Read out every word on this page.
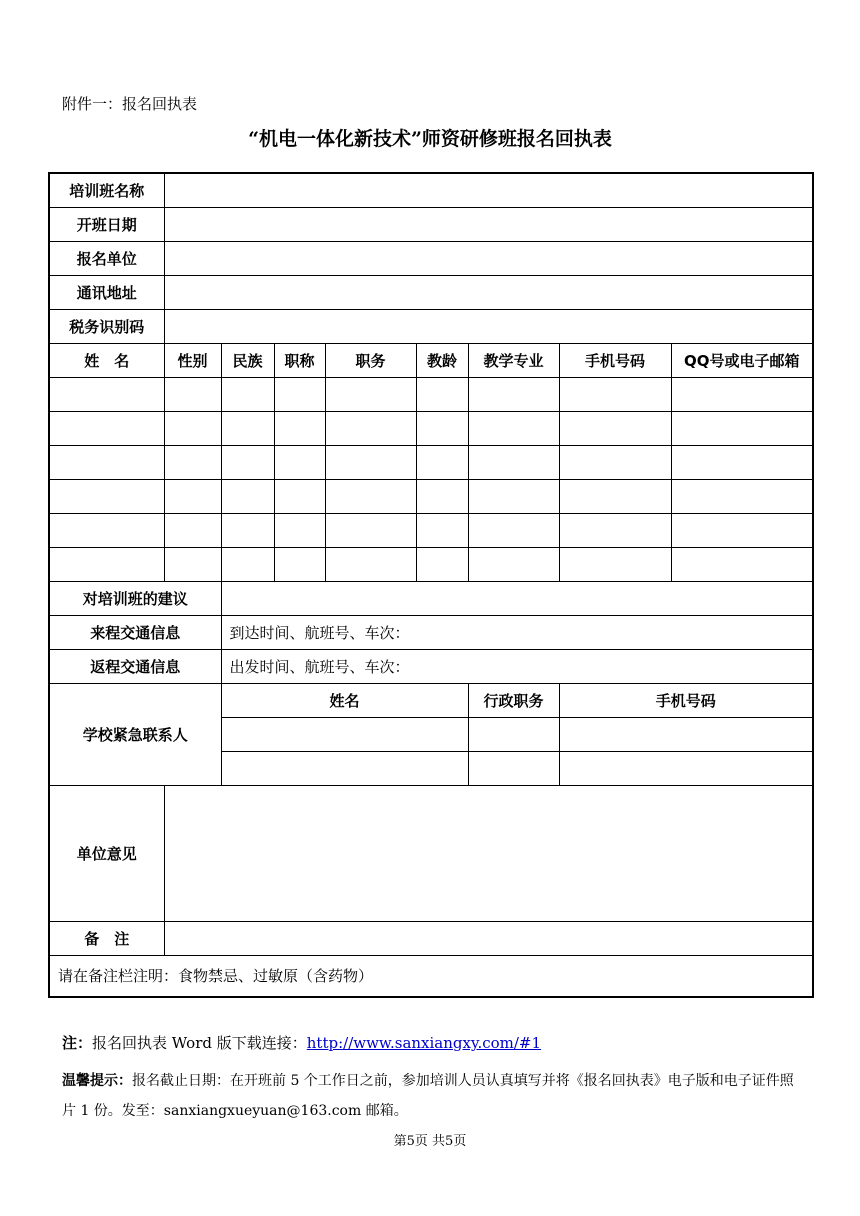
附件一：报名回执表
“机电一体化新技术”师资研修班报名回执表
培训班名称								
开班日期								
报名单位								
通讯地址								
税务识别码								
姓　名	性别	民族	职称	职务	教龄	教学专业	手机号码	QQ号或电子邮箱

对培训班的建议								
来程交通信息		到达时间、航班号、车次：						
返程交通信息		出发时间、航班号、车次：						
学校紧急联系人		姓名				行政职务	手机号码	

单位意见								
备　注								
请在备注栏注明：食物禁忌、过敏原（含药物）								
注：报名回执表 Word 版下载连接：http://www.sanxiangxy.com/#1
温馨提示：报名截止日期：在开班前 5 个工作日之前，参加培训人员认真填写并将《报名回执表》电子版和电子证件照片 1 份。发至：sanxiangxueyuan@163.com 邮箱。
第5页 共5页
